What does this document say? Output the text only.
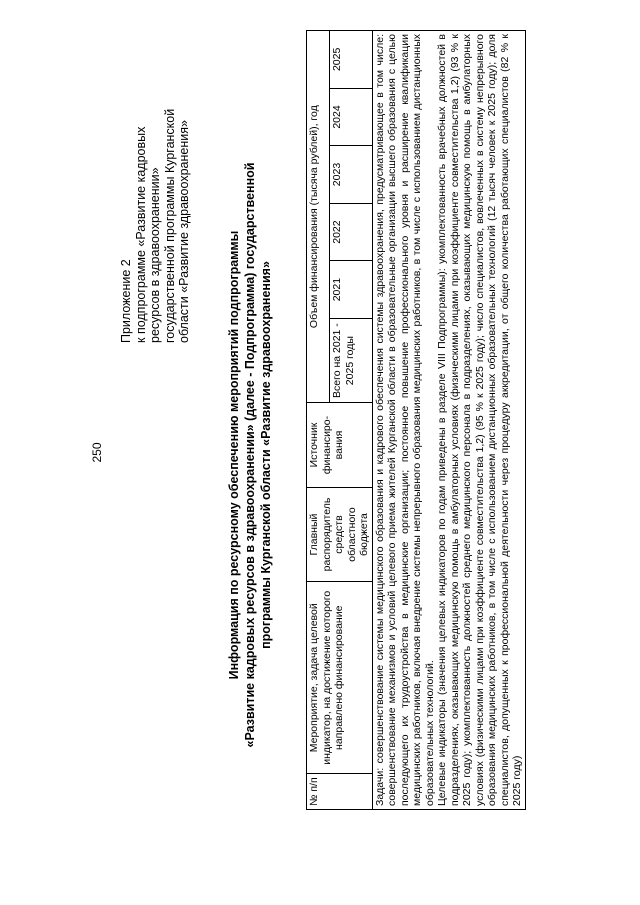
250
Приложение 2 к подпрограмме «Развитие кадровых ресурсов в здравоохранении» государственной программы Курганской области «Развитие здравоохранения»	Информация по ресурсному обеспечению мероприятий подпрограммы «Развитие кадровых ресурсов в здравоохранении» (далее - Подпрограмма) государственной программы Курганской области «Развитие здравоохранения»
№ п/п	Мероприятие, задача целевой индикатор, на достижение которого направлено финансирование	Главный распорядитель средств областного бюджета	Источник финансиро-вания	Объем финансирования (тысяча рублей), год					
				Всего на 2021 - 2025 годы	2021	2022	2023	2024	2025

Задачи: совершенствование системы медицинского образования и кадрового обеспечения системы здравоохранения, предусматривающее в том числе: совершенствование механизмов и условий целевого приема жителей Курганской области в образовательные организации высшего образования с целью последующего их трудоустройства в медицинские организации; постоянное повышение профессионального уровня и расширение квалификации медицинских работников, включая внедрение системы непрерывного образования медицинских работников, в том числе с использованием дистанционных образовательных технологий. Целевые индикаторы (значения целевых индикаторов по годам приведены в разделе VIII Подпрограммы): укомплектованность врачебных должностей в подразделениях, оказывающих медицинскую помощь в амбулаторных условиях (физическими лицами при коэффициенте совместительства 1,2) (93 % к 2025 году); укомплектованность должностей среднего медицинского персонала в подразделениях, оказывающих медицинскую помощь в амбулаторных условиях (физическими лицами при коэффициенте совместительства 1,2) (95 % к 2025 году); число специалистов, вовлеченных в систему непрерывного образования медицинских работников, в том числе с использованием дистанционных образовательных технологий (12 тысяч человек к 2025 году); доля специалистов, допущенных к профессиональной деятельности через процедуру аккредитации, от общего количества работающих специалистов (82 % к 2025 году)									
